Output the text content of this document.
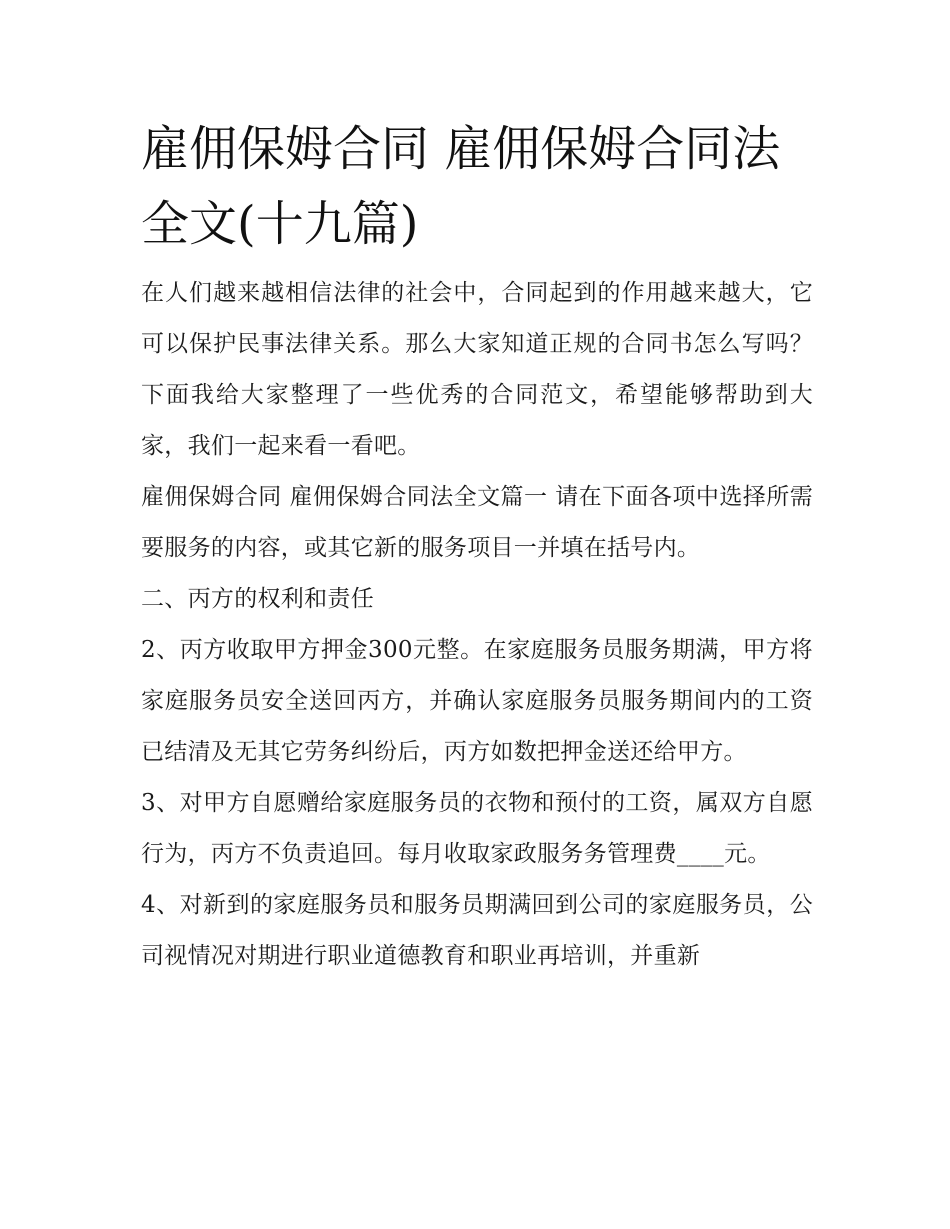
雇佣保姆合同 雇佣保姆合同法全文(十九篇)

在人们越来越相信法律的社会中，合同起到的作用越来越大，它可以保护民事法律关系。那么大家知道正规的合同书怎么写吗？下面我给大家整理了一些优秀的合同范文，希望能够帮助到大家，我们一起来看一看吧。

雇佣保姆合同 雇佣保姆合同法全文篇一 请在下面各项中选择所需要服务的内容，或其它新的服务项目一并填在括号内。

二、丙方的权利和责任

2、丙方收取甲方押金300元整。在家庭服务员服务期满，甲方将家庭服务员安全送回丙方，并确认家庭服务员服务期间内的工资已结清及无其它劳务纠纷后，丙方如数把押金送还给甲方。

3、对甲方自愿赠给家庭服务员的衣物和预付的工资，属双方自愿行为，丙方不负责追回。每月收取家政服务务管理费____元。

4、对新到的家庭服务员和服务员期满回到公司的家庭服务员，公司视情况对期进行职业道德教育和职业再培训，并重新
